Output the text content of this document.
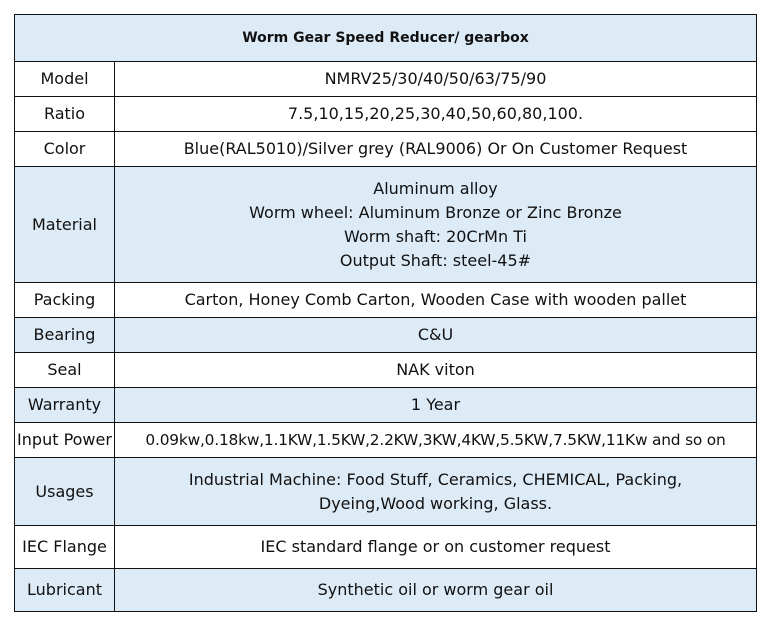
Worm Gear Speed Reducer/ gearbox	
Model	NMRV25/30/40/50/63/75/90
Ratio	7.5,10,15,20,25,30,40,50,60,80,100.
Color	Blue(RAL5010)/Silver grey (RAL9006) Or On Customer Request
Material	Aluminum alloy
Worm wheel: Aluminum Bronze or Zinc Bronze
Worm shaft: 20CrMn Ti
Output Shaft: steel-45#

Packing	Carton, Honey Comb Carton, Wooden Case with wooden pallet
Bearing	C&U
Seal	NAK viton
Warranty	1 Year
Input Power	0.09kw,0.18kw,1.1KW,1.5KW,2.2KW,3KW,4KW,5.5KW,7.5KW,11Kw and so on
Usages	Industrial Machine: Food Stuff, Ceramics, CHEMICAL, Packing,
Dyeing,Wood working, Glass.

IEC Flange	IEC standard flange or on customer request
Lubricant	Synthetic oil or worm gear oil
